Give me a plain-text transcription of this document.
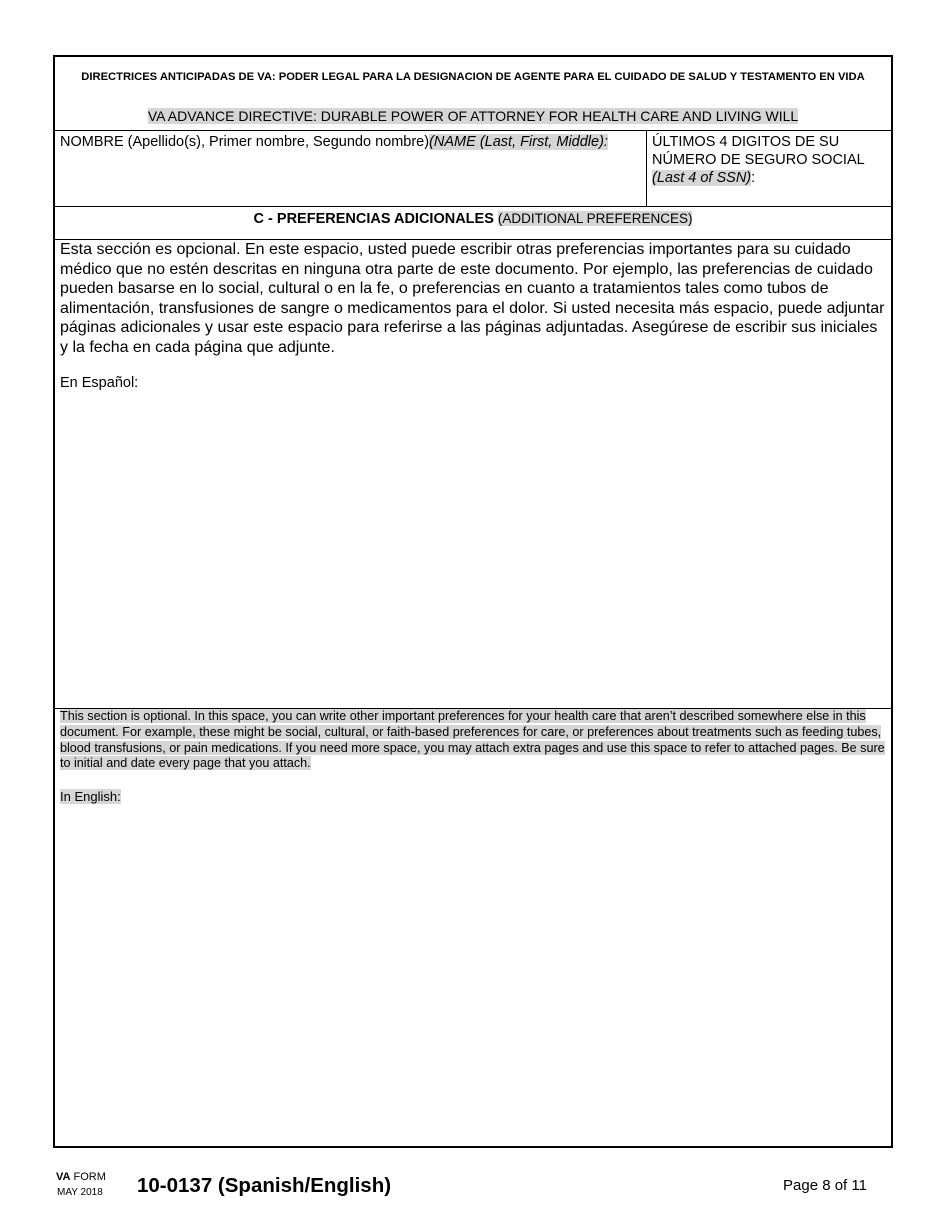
DIRECTRICES ANTICIPADAS DE VA: PODER LEGAL PARA LA DESIGNACION DE AGENTE PARA EL CUIDADO DE SALUD Y TESTAMENTO EN VIDA
VA ADVANCE DIRECTIVE: DURABLE POWER OF ATTORNEY FOR HEALTH CARE AND LIVING WILL
NOMBRE (Apellido(s), Primer nombre, Segundo nombre)(NAME (Last, First, Middle):	ÚLTIMOS 4 DIGITOS DE SU
NÚMERO DE SEGURO SOCIAL
(Last 4 of SSN):
C - PREFERENCIAS ADICIONALES (ADDITIONAL PREFERENCES)
Esta sección es opcional. En este espacio, usted puede escribir otras preferencias importantes para su cuidado médico que no estén descritas en ninguna otra parte de este documento. Por ejemplo, las preferencias de cuidado pueden basarse en lo social, cultural o en la fe, o preferencias en cuanto a tratamientos tales como tubos de alimentación, transfusiones de sangre o medicamentos para el dolor. Si usted necesita más espacio, puede adjuntar páginas adicionales y usar este espacio para referirse a las páginas adjuntadas. Asegúrese de escribir sus iniciales y la fecha en cada página que adjunte.
En Español:
This section is optional. In this space, you can write other important preferences for your health care that aren’t described somewhere else in this document. For example, these might be social, cultural, or faith-based preferences for care, or preferences about treatments such as feeding tubes, blood transfusions, or pain medications. If you need more space, you may attach extra pages and use this space to refer to attached pages. Be sure to initial and date every page that you attach.
In English:
VA FORM
MAY 2018 10-0137 (Spanish/English)	Page 8 of 11
